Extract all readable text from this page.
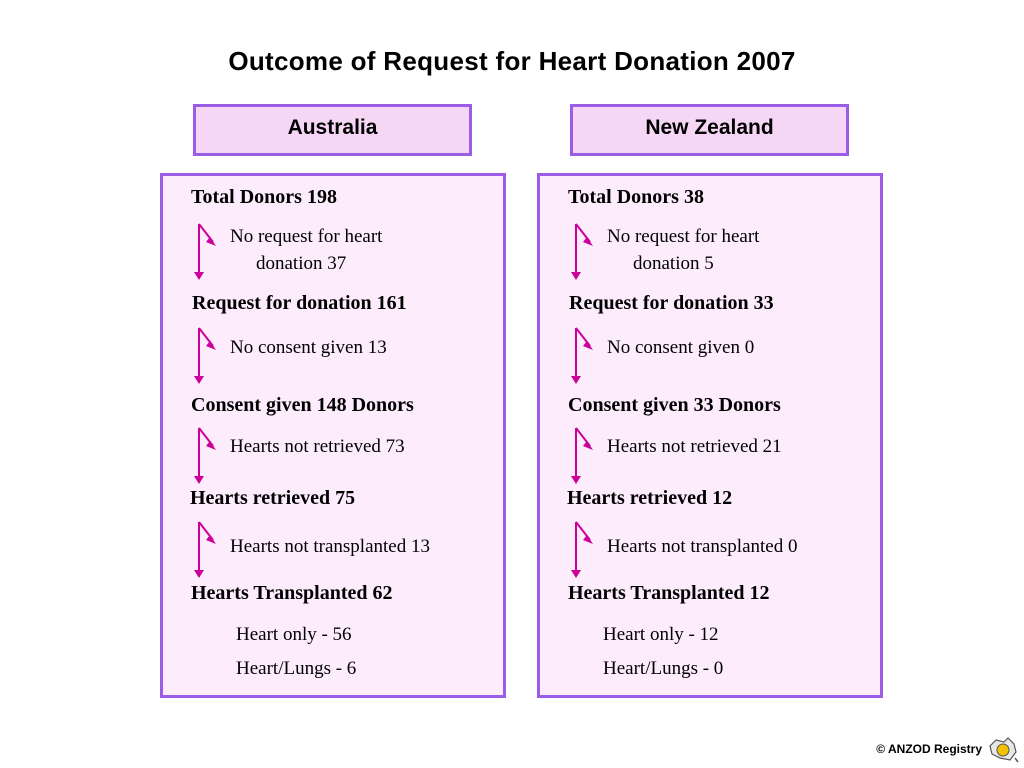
Outcome of Request for Heart Donation 2007
Australia	New Zealand
Total Donors 198
No request for heart
donation 37
Request for donation 161
No consent given 13
Consent given 148 Donors
Hearts not retrieved 73
Hearts retrieved 75
Hearts not transplanted 13
Hearts Transplanted 62
Heart only - 56
Heart/Lungs - 6
Total Donors 38
No request for heart
donation 5
Request for donation 33
No consent given 0
Consent given 33 Donors
Hearts not retrieved 21
Hearts retrieved 12
Hearts not transplanted 0
Hearts Transplanted 12
Heart only - 12
Heart/Lungs - 0
© ANZOD Registry
